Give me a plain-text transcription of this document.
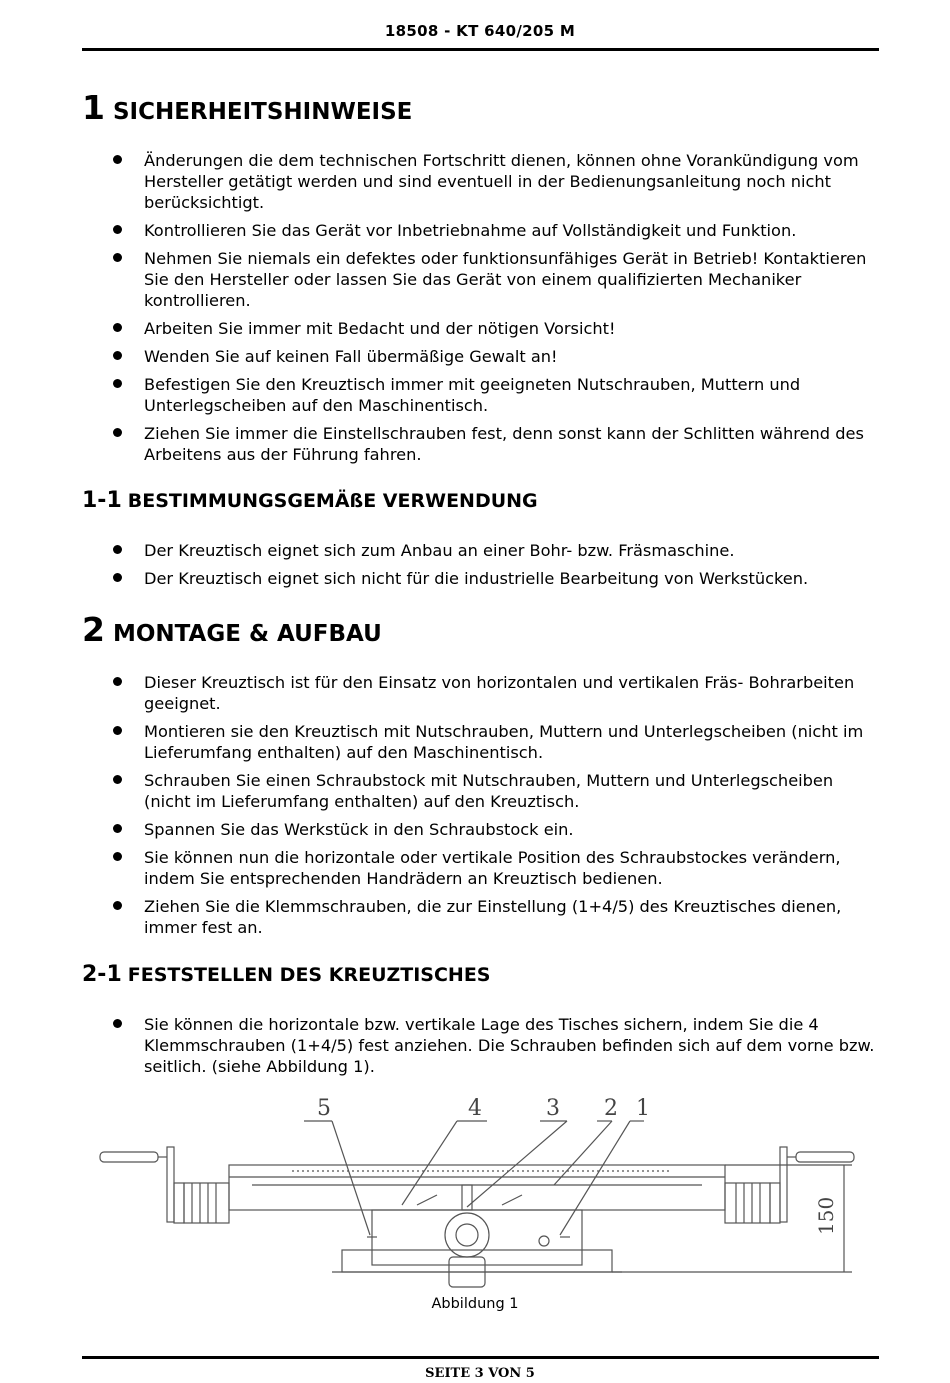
18508 - KT 640/205 M
1 SICHERHEITSHINWEISE
Änderungen die dem technischen Fortschritt dienen, können ohne Vorankündigung vom Hersteller getätigt werden und sind eventuell in der Bedienungsanleitung noch nicht berücksichtigt.
Kontrollieren Sie das Gerät vor Inbetriebnahme auf Vollständigkeit und Funktion.
Nehmen Sie niemals ein defektes oder funktionsunfähiges Gerät in Betrieb! Kontaktieren Sie den Hersteller oder lassen Sie das Gerät von einem qualifizierten Mechaniker kontrollieren.
Arbeiten Sie immer mit Bedacht und der nötigen Vorsicht!
Wenden Sie auf keinen Fall übermäßige Gewalt an!
Befestigen Sie den Kreuztisch immer mit geeigneten Nutschrauben, Muttern und Unterlegscheiben auf den Maschinentisch.
Ziehen Sie immer die Einstellschrauben fest, denn sonst kann der Schlitten während des Arbeitens aus der Führung fahren.
1-1 BESTIMMUNGSGEMÄßE VERWENDUNG
Der Kreuztisch eignet sich zum Anbau an einer Bohr- bzw. Fräsmaschine.
Der Kreuztisch eignet sich nicht für die industrielle Bearbeitung von Werkstücken.
2 MONTAGE & AUFBAU
Dieser Kreuztisch ist für den Einsatz von horizontalen und vertikalen Fräs- Bohrarbeiten geeignet.
Montieren sie den Kreuztisch mit Nutschrauben, Muttern und Unterlegscheiben (nicht im Lieferumfang enthalten) auf den Maschinentisch.
Schrauben Sie einen Schraubstock mit Nutschrauben, Muttern und Unterlegscheiben (nicht im Lieferumfang enthalten) auf den Kreuztisch.
Spannen Sie das Werkstück in den Schraubstock ein.
Sie können nun die horizontale oder vertikale Position des Schraubstockes verändern, indem Sie entsprechenden Handrädern an Kreuztisch bedienen.
Ziehen Sie die Klemmschrauben, die zur Einstellung (1+4/5) des Kreuztisches dienen, immer fest an.
2-1 FESTSTELLEN DES KREUZTISCHES
Sie können die horizontale bzw. vertikale Lage des Tisches sichern, indem Sie die 4 Klemmschrauben (1+4/5) fest anziehen. Die Schrauben befinden sich auf dem vorne bzw. seitlich. (siehe Abbildung 1).
5	4	3 2 1
150
Abbildung 1
SEITE 3 VON 5
